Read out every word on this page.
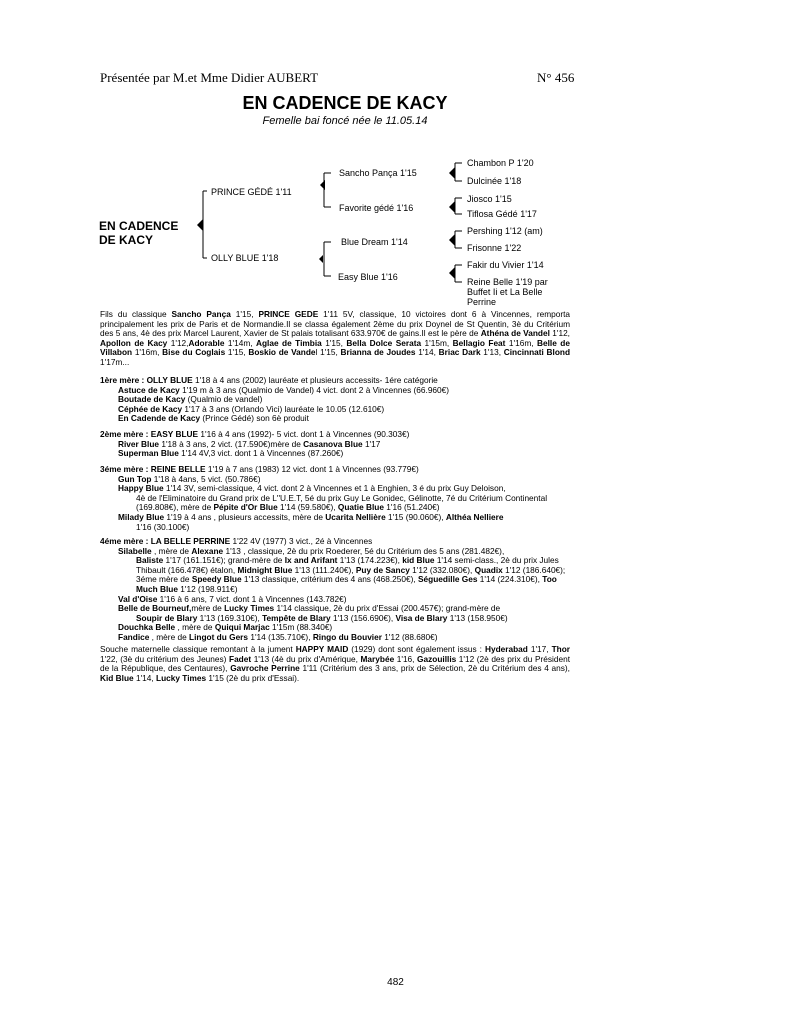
Présentée par M.et Mme Didier AUBERT	N° 456
EN CADENCE DE KACY
Femelle bai foncé née le 11.05.14
EN CADENCE
DE KACY
PRINCE GÉDÉ 1'11
OLLY BLUE 1'18
Sancho Pança 1'15
Favorite gédé 1'16
Blue Dream 1'14
Easy Blue 1'16
Chambon P 1'20
Dulcinée 1'18
Jiosco 1'15
Tiflosa Gédé 1'17
Pershing 1'12 (am)
Frisonne 1'22
Fakir du Vivier 1'14
Reine Belle 1'19 par
Buffet Ii et La Belle
Perrine
Fils du classique Sancho Pança 1'15, PRINCE GEDE 1'11 5V, classique, 10 victoires dont 6 à Vincennes, remporta principalement les prix de Paris et de Normandie.Il se classa également 2ème du prix Doynel de St Quentin, 3è du Critérium des 5 ans, 4è des prix Marcel Laurent, Xavier de St palais totalisant 633.970€ de gains.Il est le père de Athéna de Vandel 1'12, Apollon de Kacy 1'12,Adorable 1'14m, Aglae de Timbia 1'15, Bella Dolce Serata 1'15m, Bellagio Feat 1'16m, Belle de Villabon 1'16m, Bise du Coglais 1'15, Boskio de Vandel 1'15, Brianna de Joudes 1'14, Briac Dark 1'13, Cincinnati Blond 1'17m...
1ère mère : OLLY BLUE 1'18 à 4 ans (2002) lauréate et plusieurs accessits- 1ére catégorie
Astuce de Kacy 1'19 m à 3 ans (Qualmio de Vandel) 4 vict. dont 2 à Vincennes (66.960€)
Boutade de Kacy (Qualmio de vandel)
Céphée de Kacy 1'17 à 3 ans (Orlando Vici) lauréate le 10.05 (12.610€)
En Cadende de Kacy (Prince Gédé) son 6è produit
2ème mère : EASY BLUE 1'16 à 4 ans (1992)- 5 vict. dont 1 à Vincennes (90.303€)
River Blue 1'18 à 3 ans, 2 vict. (17.590€)mère de Casanova Blue 1'17
Superman Blue 1'14 4V,3 vict. dont 1 à Vincennes (87.260€)
3éme mère : REINE BELLE 1'19 à 7 ans (1983) 12 vict. dont 1 à Vincennes (93.779€)
Gun Top 1'18 à 4ans, 5 vict. (50.786€)
Happy Blue 1'14 3V, semi-classique, 4 vict. dont 2 à Vincennes et 1 à Enghien, 3 é du prix Guy Deloison,
4è de l'Eliminatoire du Grand prix de L''U.E.T, 5é du prix Guy Le Gonidec, Gélinotte, 7é du Critérium Continental (169.808€), mère de Pépite d'Or Blue 1'14 (59.580€), Quatie Blue 1'16 (51.240€)
Milady Blue 1'19 à 4 ans , plusieurs accessits, mère de Ucarita Nellière 1'15 (90.060€), Althéa Nelliere
1'16 (30.100€)
4éme mère : LA BELLE PERRINE 1'22 4V (1977) 3 vict., 2é à Vincennes
Silabelle , mère de Alexane 1'13 , classique, 2è du prix Roederer, 5é du Critérium des 5 ans (281.482€),
Baliste 1'17 (161.151€); grand-mère de Ix and Arifant 1'13 (174.223€), kid Blue 1'14 semi-class., 2è du prix Jules Thibault (166.478€) étalon, Midnight Blue 1'13 (111.240€), Puy de Sancy 1'12 (332.080€), Quadix 1'12 (186.640€); 3éme mère de Speedy Blue 1'13 classique, critérium des 4 ans (468.250€), Séguedille Ges 1'14 (224.310€), Too Much Blue 1'12 (198.911€)
Val d'Oise 1'16 à 6 ans, 7 vict. dont 1 à Vincennes (143.782€)
Belle de Bourneuf,mère de Lucky Times 1'14 classique, 2è du prix d'Essai (200.457€); grand-mère de
Soupir de Blary 1'13 (169.310€), Tempête de Blary 1'13 (156.690€), Visa de Blary 1'13 (158.950€)
Douchka Belle , mère de Quiqui Marjac 1'15m (88.340€)
Fandice , mère de Lingot du Gers 1'14 (135.710€), Ringo du Bouvier 1'12 (88.680€)
Souche maternelle classique remontant à la jument HAPPY MAID (1929) dont sont également issus : Hyderabad 1'17, Thor 1'22, (3è du critérium des Jeunes) Fadet 1'13 (4è du prix d'Amérique, Marybée 1'16, Gazouillis 1'12 (2è des prix du Président de la République, des Centaures), Gavroche Perrine 1'11 (Critérium des 3 ans, prix de Sélection, 2è du Critérium des 4 ans), Kid Blue 1'14, Lucky Times 1'15 (2è du prix d'Essai).
482
